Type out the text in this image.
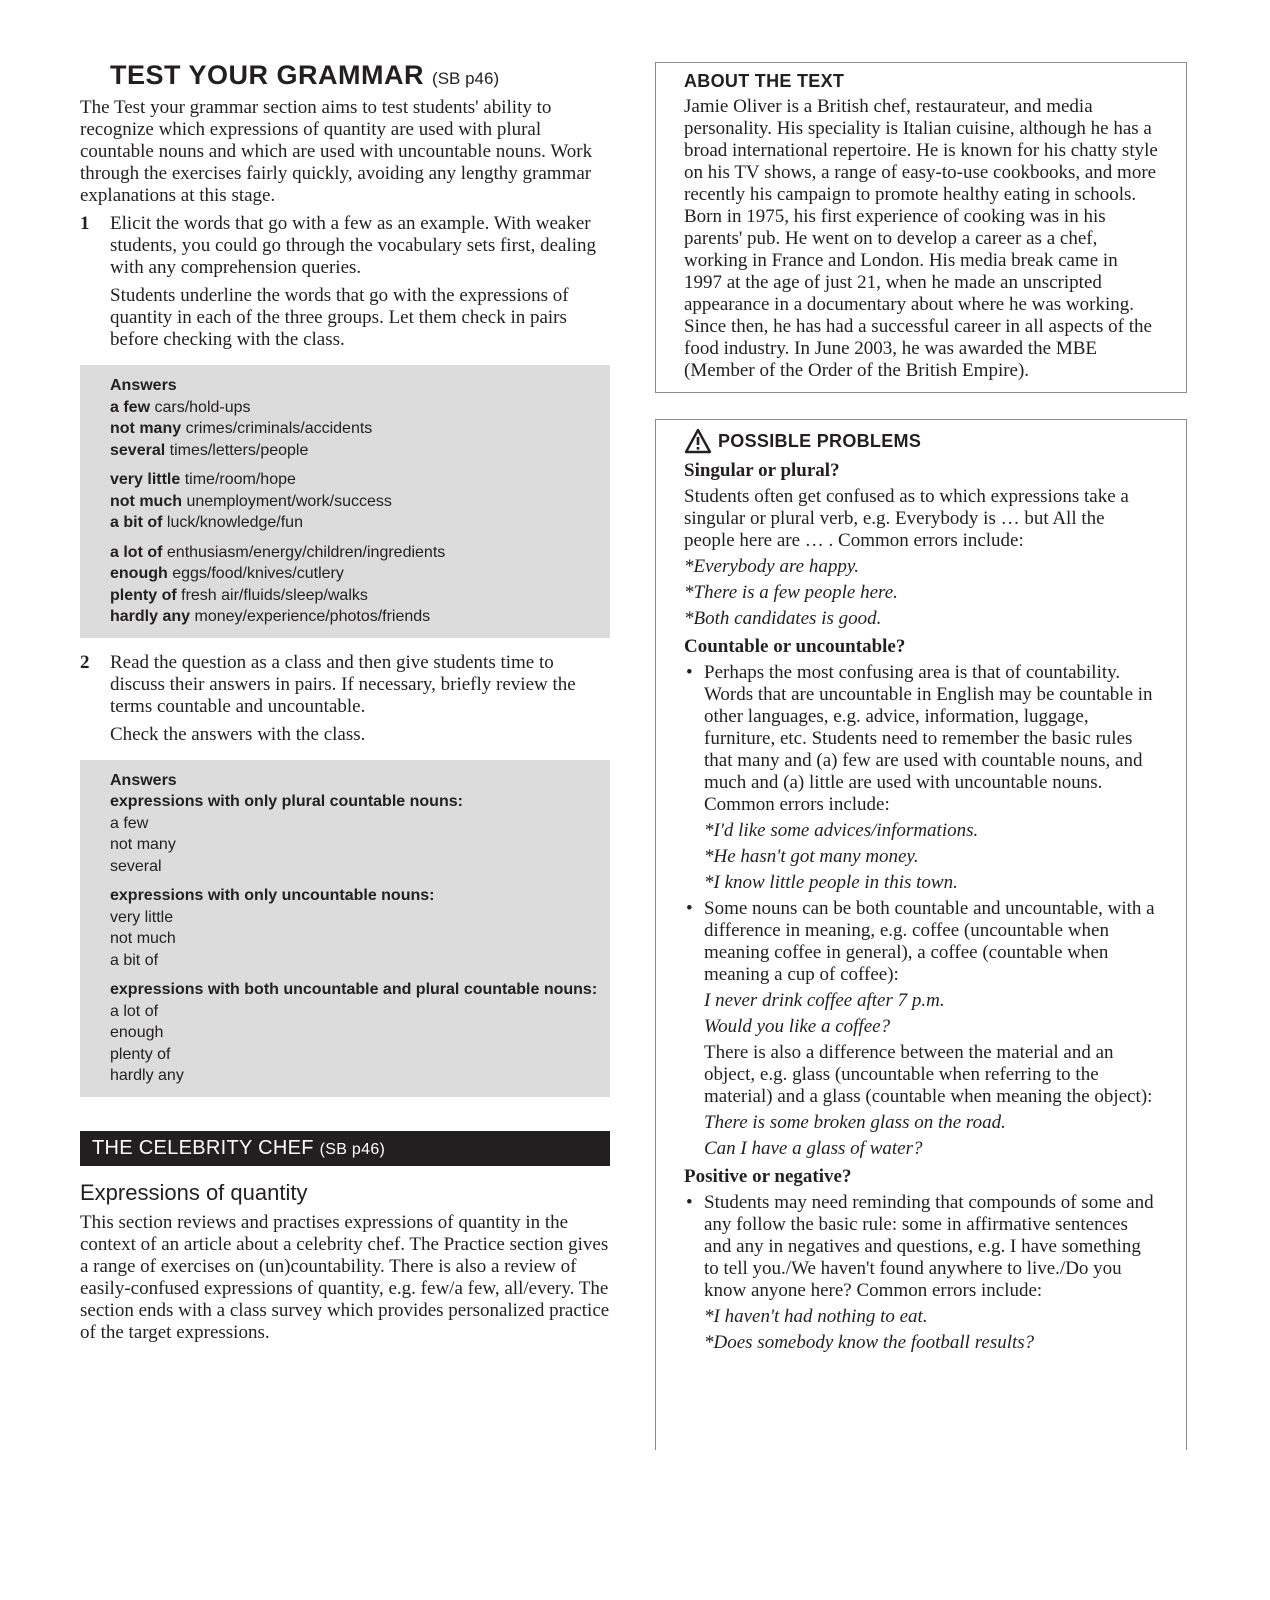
TEST YOUR GRAMMAR (SB p46)

The Test your grammar section aims to test students' ability to recognize which expressions of quantity are used with plural countable nouns and which are used with uncountable nouns. Work through the exercises fairly quickly, avoiding any lengthy grammar explanations at this stage.

1 Elicit the words that go with a few as an example. With weaker students, you could go through the vocabulary sets first, dealing with any comprehension queries.

Students underline the words that go with the expressions of quantity in each of the three groups. Let them check in pairs before checking with the class.

Answers
a few cars/hold-ups
not many crimes/criminals/accidents
several times/letters/people
very little time/room/hope
not much unemployment/work/success
a bit of luck/knowledge/fun
a lot of enthusiasm/energy/children/ingredients
enough eggs/food/knives/cutlery
plenty of fresh air/fluids/sleep/walks
hardly any money/experience/photos/friends
2 Read the question as a class and then give students time to discuss their answers in pairs. If necessary, briefly review the terms countable and uncountable.

Check the answers with the class.

Answers
expressions with only plural countable nouns:
a few
not many
several
expressions with only uncountable nouns:
very little
not much
a bit of
expressions with both uncountable and plural countable nouns:
a lot of
enough
plenty of
hardly any
THE CELEBRITY CHEF (SB p46)
Expressions of quantity

This section reviews and practises expressions of quantity in the context of an article about a celebrity chef. The Practice section gives a range of exercises on (un)countability. There is also a review of easily-confused expressions of quantity, e.g. few/a few, all/every. The section ends with a class survey which provides personalized practice of the target expressions.

ABOUT THE TEXT

Jamie Oliver is a British chef, restaurateur, and media personality. His speciality is Italian cuisine, although he has a broad international repertoire. He is known for his chatty style on his TV shows, a range of easy-to-use cookbooks, and more recently his campaign to promote healthy eating in schools. Born in 1975, his first experience of cooking was in his parents' pub. He went on to develop a career as a chef, working in France and London. His media break came in 1997 at the age of just 21, when he made an unscripted appearance in a documentary about where he was working. Since then, he has had a successful career in all aspects of the food industry. In June 2003, he was awarded the MBE (Member of the Order of the British Empire).

POSSIBLE PROBLEMS
Singular or plural?

Students often get confused as to which expressions take a singular or plural verb, e.g. Everybody is … but All the people here are … . Common errors include:

*Everybody are happy.

*There is a few people here.

*Both candidates is good.

Countable or uncountable?
• Perhaps the most confusing area is that of countability. Words that are uncountable in English may be countable in other languages, e.g. advice, information, luggage, furniture, etc. Students need to remember the basic rules that many and (a) few are used with countable nouns, and much and (a) little are used with uncountable nouns. Common errors include:

*I'd like some advices/informations.

*He hasn't got many money.

*I know little people in this town.

• Some nouns can be both countable and uncountable, with a difference in meaning, e.g. coffee (uncountable when meaning coffee in general), a coffee (countable when meaning a cup of coffee):

I never drink coffee after 7 p.m.

Would you like a coffee?

There is also a difference between the material and an object, e.g. glass (uncountable when referring to the material) and a glass (countable when meaning the object):

There is some broken glass on the road.

Can I have a glass of water?

Positive or negative?
• Students may need reminding that compounds of some and any follow the basic rule: some in affirmative sentences and any in negatives and questions, e.g. I have something to tell you./We haven't found anywhere to live./Do you know anyone here? Common errors include:

*I haven't had nothing to eat.

*Does somebody know the football results?
